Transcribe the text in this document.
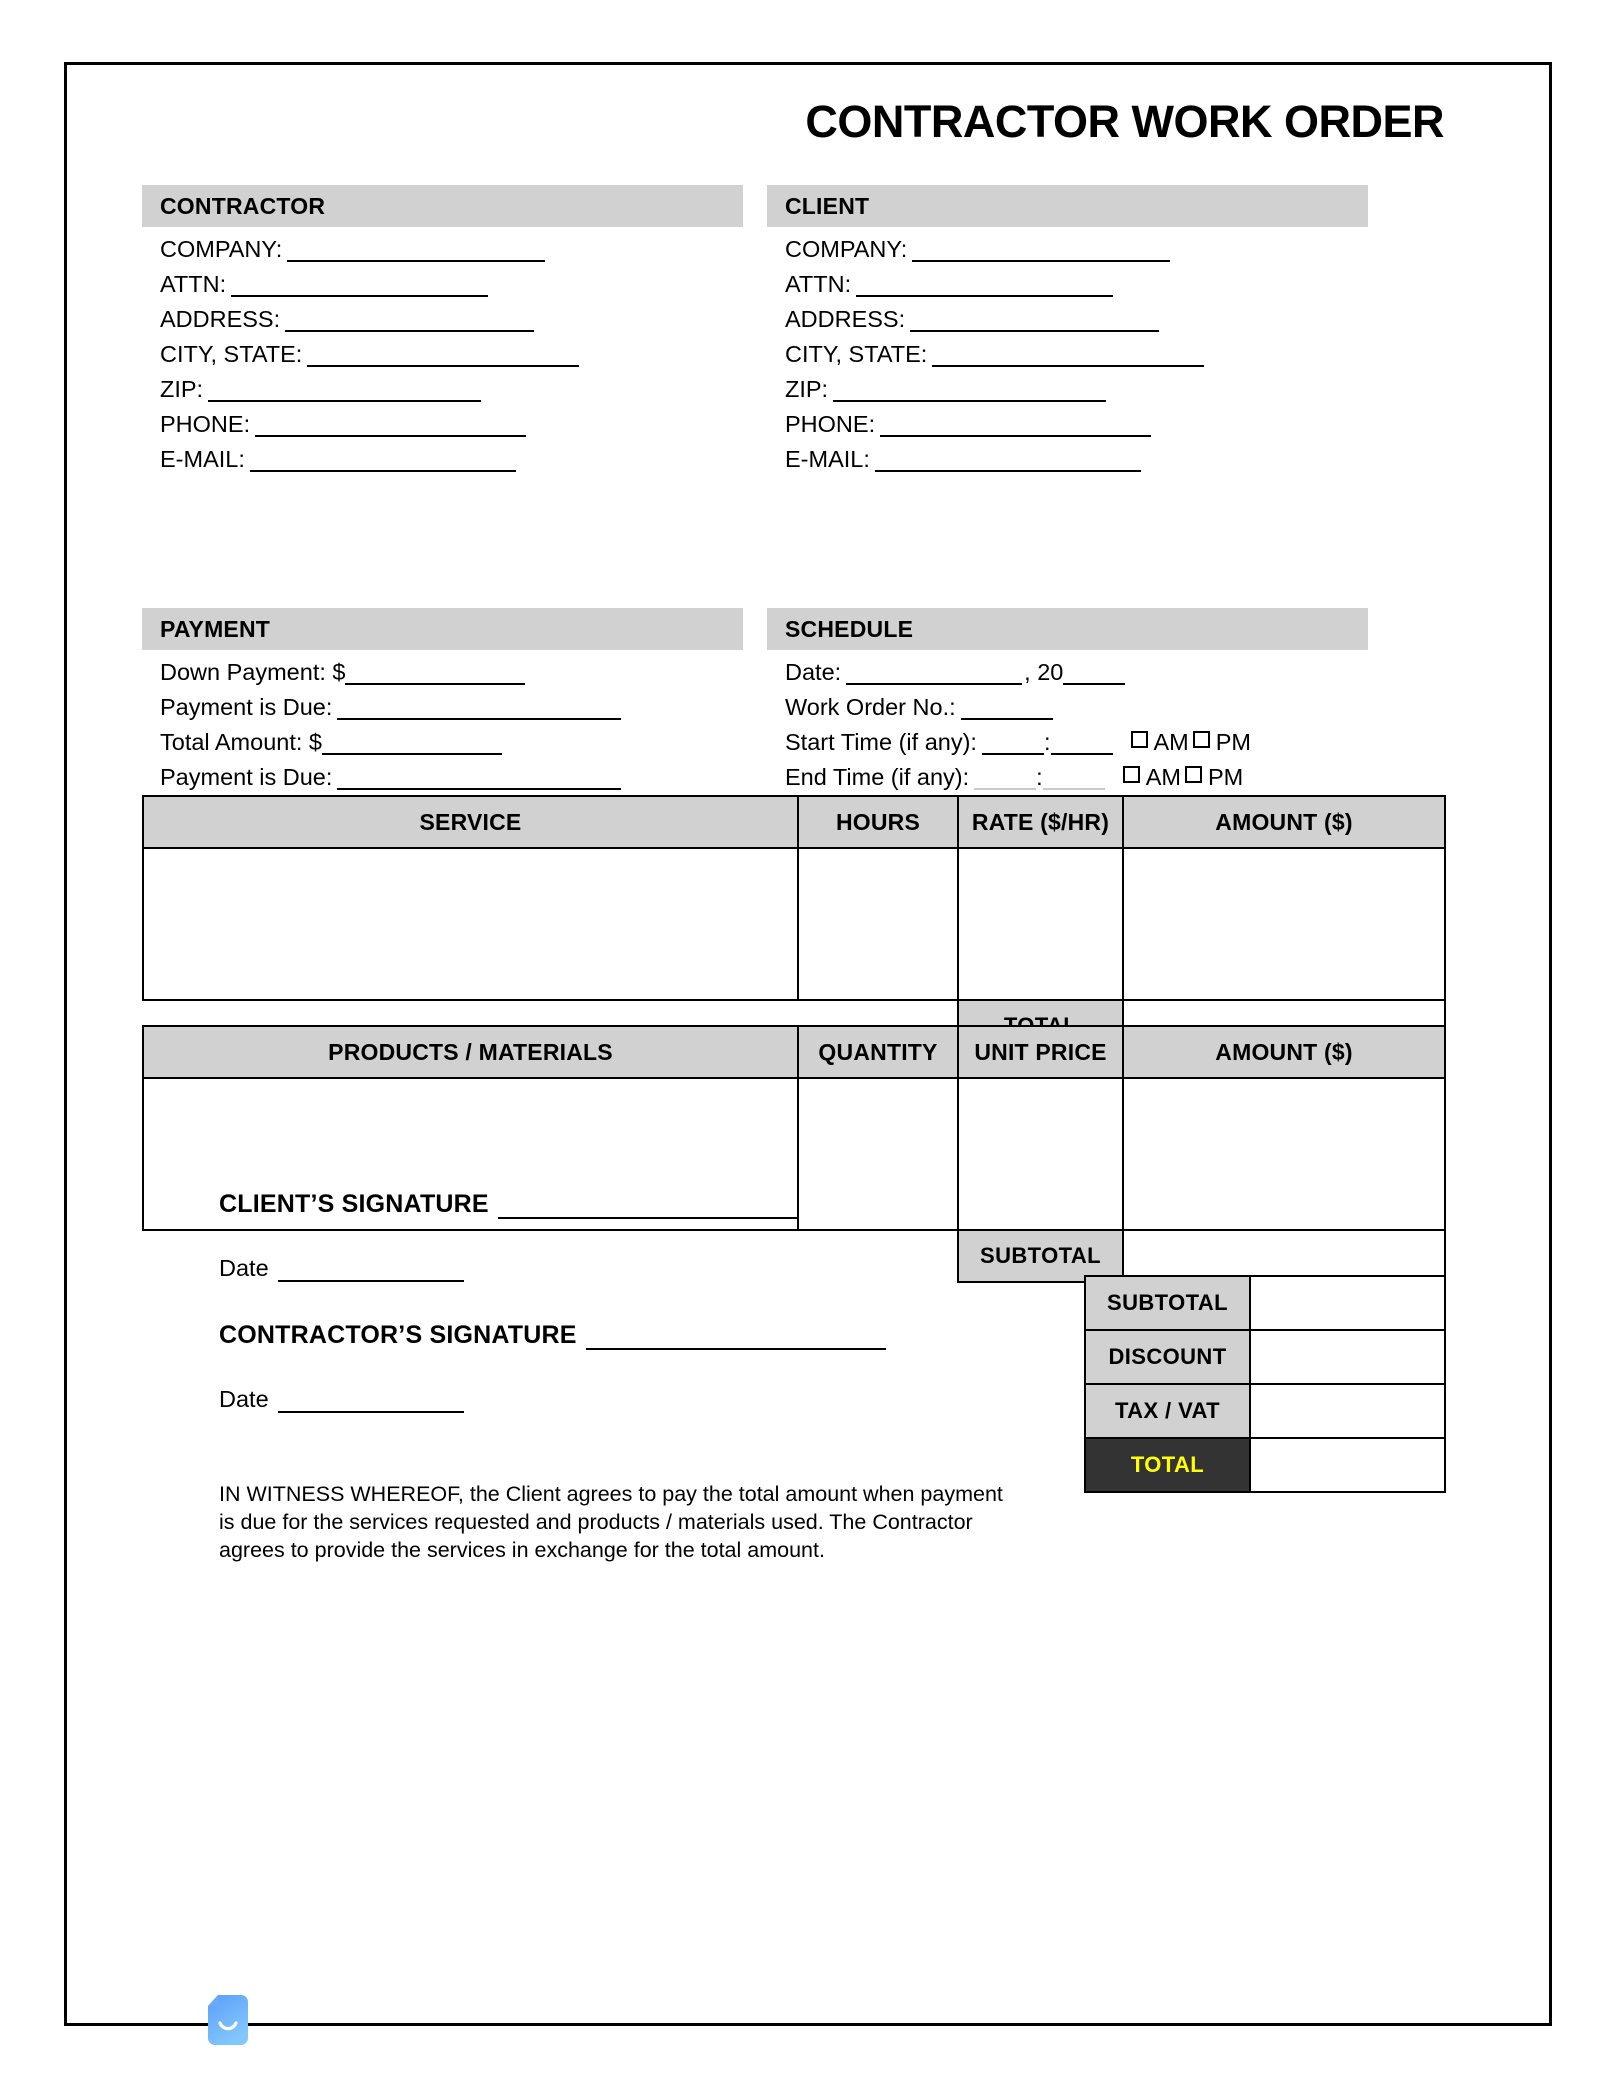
CONTRACTOR WORK ORDER
CONTRACTOR
COMPANY:
ATTN:
ADDRESS:
CITY, STATE:
ZIP:
PHONE:
E-MAIL:
CLIENT
COMPANY:
ATTN:
ADDRESS:
CITY, STATE:
ZIP:
PHONE:
E-MAIL:
PAYMENT
Down Payment: $
Payment is Due:
Total Amount: $
Payment is Due:
SCHEDULE
Date:	, 20
Work Order No.:
Start Time (if any):	:	AM PM
End Time (if any):	:	AM PM
SERVICE	HOURS	RATE ($/HR)	AMOUNT ($)

PRODUCTS / MATERIALS	QUANTITY	UNIT PRICE	AMOUNT ($)

		SUBTOTAL	
SUBTOTAL	
DISCOUNT	
TAX / VAT	
TOTAL	
IN WITNESS WHEREOF, the Client agrees to pay the total amount when payment is due for the services requested and products / materials used. The Contractor agrees to provide the services in exchange for the total amount.
CLIENT’S SIGNATURE
Date
CONTRACTOR’S SIGNATURE
Date
